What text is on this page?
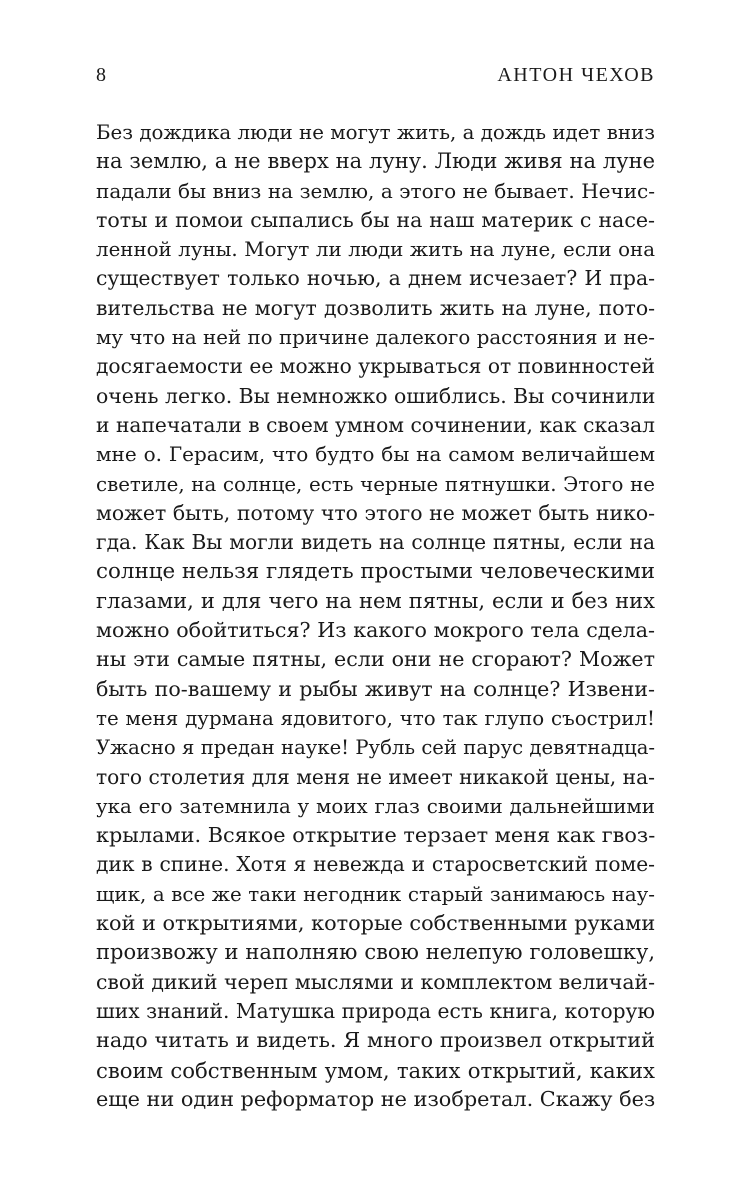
8	АНТОН ЧЕХОВ
Без дождика люди не могут жить, а дождь идет вниз
на землю, а не вверх на луну. Люди живя на луне
падали бы вниз на землю, а этого не бывает. Нечис-
тоты и помои сыпались бы на наш материк с насе-
ленной луны. Могут ли люди жить на луне, если она
существует только ночью, а днем исчезает? И пра-
вительства не могут дозволить жить на луне, пото-
му что на ней по причине далекого расстояния и не-
досягаемости ее можно укрываться от повинностей
очень легко. Вы немножко ошиблись. Вы сочинили
и напечатали в своем умном сочинении, как сказал
мне о. Герасим, что будто бы на самом величайшем
светиле, на солнце, есть черные пятнушки. Этого не
может быть, потому что этого не может быть нико-
гда. Как Вы могли видеть на солнце пятны, если на
солнце нельзя глядеть простыми человеческими
глазами, и для чего на нем пятны, если и без них
можно обойтиться? Из какого мокрого тела сдела-
ны эти самые пятны, если они не сгорают? Может
быть по-вашему и рыбы живут на солнце? Извени-
те меня дурмана ядовитого, что так глупо съострил!
Ужасно я предан науке! Рубль сей парус девятнадца-
того столетия для меня не имеет никакой цены, на-
ука его затемнила у моих глаз своими дальнейшими
крылами. Всякое открытие терзает меня как гвоз-
дик в спине. Хотя я невежда и старосветский поме-
щик, а все же таки негодник старый занимаюсь нау-
кой и открытиями, которые собственными руками
произвожу и наполняю свою нелепую головешку,
свой дикий череп мыслями и комплектом величай-
ших знаний. Матушка природа есть книга, которую
надо читать и видеть. Я много произвел открытий
своим собственным умом, таких открытий, каких
еще ни один реформатор не изобретал. Скажу без
